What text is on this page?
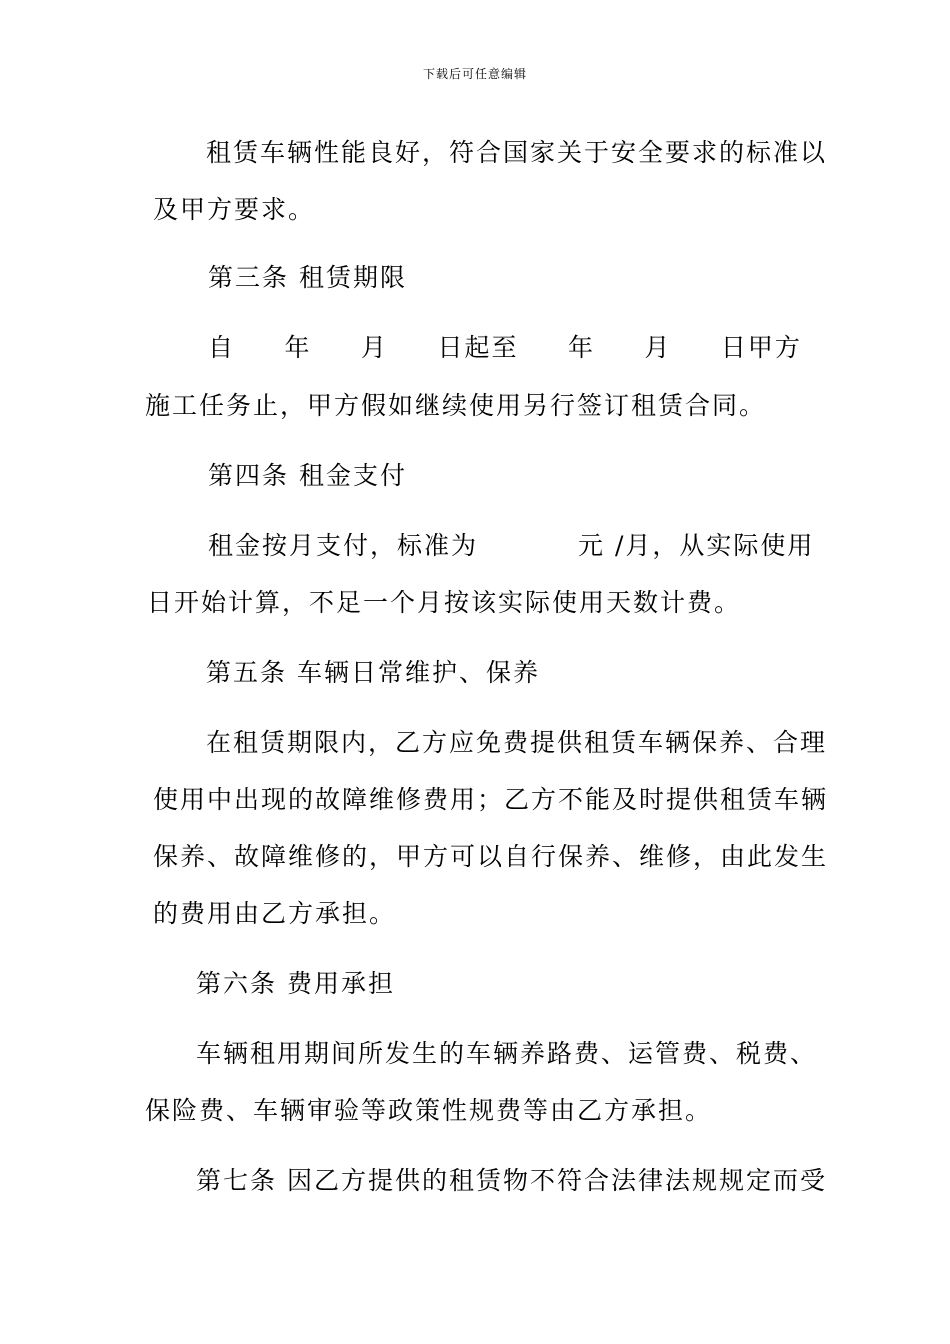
下载后可任意编辑
租赁车辆性能良好，符合国家关于安全要求的标准以
及甲方要求。
第三条 租赁期限
自 年 月 日起至 年 月 日甲方
施工任务止，甲方假如继续使用另行签订租赁合同。
第四条 租金支付
租金按月支付，标准为	元 /月，从实际使用
日开始计算，不足一个月按该实际使用天数计费。
第五条 车辆日常维护、保养
在租赁期限内，乙方应免费提供租赁车辆保养、合理
使用中出现的故障维修费用；乙方不能及时提供租赁车辆
保养、故障维修的，甲方可以自行保养、维修，由此发生
的费用由乙方承担。
第六条 费用承担
车辆租用期间所发生的车辆养路费、运管费、税费、
保险费、车辆审验等政策性规费等由乙方承担。
第七条 因乙方提供的租赁物不符合法律法规规定而受
